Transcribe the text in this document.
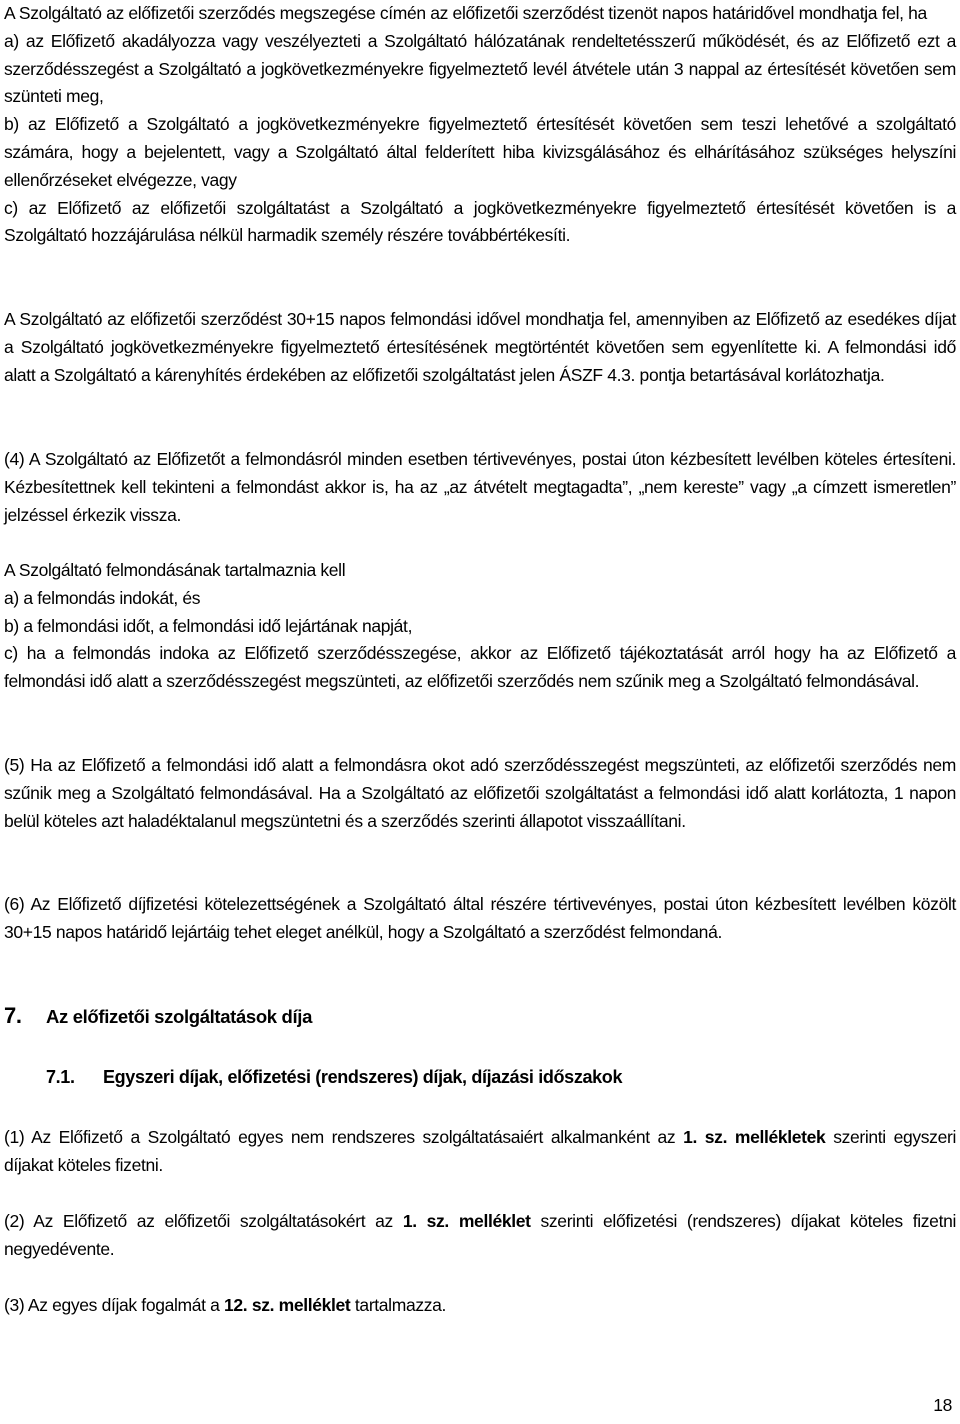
A Szolgáltató az előfizetői szerződés megszegése címén az előfizetői szerződést tizenöt napos határidővel mondhatja fel, ha

a) az Előfizető akadályozza vagy veszélyezteti a Szolgáltató hálózatának rendeltetésszerű működését, és az Előfizető ezt a szerződésszegést a Szolgáltató a jogkövetkezményekre figyelmeztető levél átvétele után 3 nappal az értesítését követően sem szünteti meg,

b) az Előfizető a Szolgáltató a jogkövetkezményekre figyelmeztető értesítését követően sem teszi lehetővé a szolgáltató számára, hogy a bejelentett, vagy a Szolgáltató által felderített hiba kivizsgálásához és elhárításához szükséges helyszíni ellenőrzéseket elvégezze, vagy

c) az Előfizető az előfizetői szolgáltatást a Szolgáltató a jogkövetkezményekre figyelmeztető értesítését követően is a Szolgáltató hozzájárulása nélkül harmadik személy részére továbbértékesíti.

A Szolgáltató az előfizetői szerződést 30+15 napos felmondási idővel mondhatja fel, amennyiben az Előfizető az esedékes díjat a Szolgáltató jogkövetkezményekre figyelmeztető értesítésének megtörténtét követően sem egyenlítette ki. A felmondási idő alatt a Szolgáltató a kárenyhítés érdekében az előfizetői szolgáltatást jelen ÁSZF 4.3. pontja betartásával korlátozhatja.

(4) A Szolgáltató az Előfizetőt a felmondásról minden esetben tértivevényes, postai úton kézbesített levélben köteles értesíteni. Kézbesítettnek kell tekinteni a felmondást akkor is, ha az „az átvételt megtagadta”, „nem kereste” vagy „a címzett ismeretlen” jelzéssel érkezik vissza.

A Szolgáltató felmondásának tartalmaznia kell

a) a felmondás indokát, és

b) a felmondási időt, a felmondási idő lejártának napját,

c) ha a felmondás indoka az Előfizető szerződésszegése, akkor az Előfizető tájékoztatását arról hogy ha az Előfizető a felmondási idő alatt a szerződésszegést megszünteti, az előfizetői szerződés nem szűnik meg a Szolgáltató felmondásával.

(5) Ha az Előfizető a felmondási idő alatt a felmondásra okot adó szerződésszegést megszünteti, az előfizetői szerződés nem szűnik meg a Szolgáltató felmondásával. Ha a Szolgáltató az előfizetői szolgáltatást a felmondási idő alatt korlátozta, 1 napon belül köteles azt haladéktalanul megszüntetni és a szerződés szerinti állapotot visszaállítani.

(6) Az Előfizető díjfizetési kötelezettségének a Szolgáltató által részére tértivevényes, postai úton kézbesített levélben közölt 30+15 napos határidő lejártáig tehet eleget anélkül, hogy a Szolgáltató a szerződést felmondaná.

7. Az előfizetői szolgáltatások díja
7.1. Egyszeri díjak, előfizetési (rendszeres) díjak, díjazási időszakok

(1) Az Előfizető a Szolgáltató egyes nem rendszeres szolgáltatásaiért alkalmanként az 1. sz. mellékletek szerinti egyszeri díjakat köteles fizetni.

(2) Az Előfizető az előfizetői szolgáltatásokért az 1. sz. melléklet szerinti előfizetési (rendszeres) díjakat köteles fizetni negyedévente.

(3) Az egyes díjak fogalmát a 12. sz. melléklet tartalmazza.

18
